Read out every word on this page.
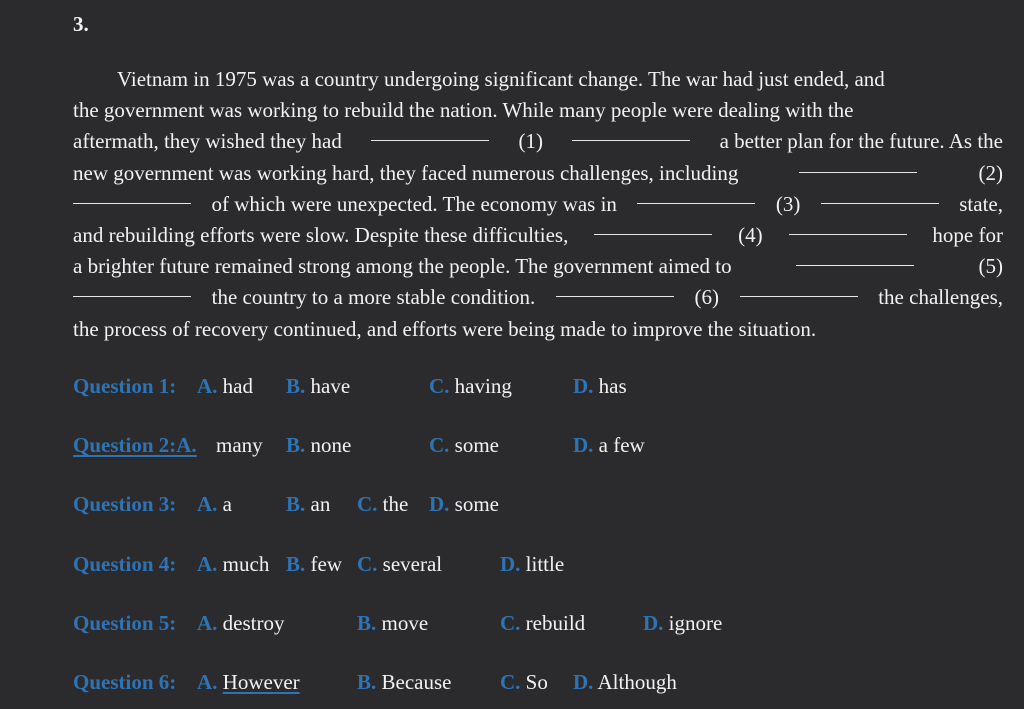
3.
Vietnam in 1975 was a country undergoing significant change. The war had just ended, and
the government was working to rebuild the nation. While many people were dealing with the
aftermath, they wished they had	(1)	a better plan for the future. As the
new government was working hard, they faced numerous challenges, including	(2)
of which were unexpected. The economy was in	(3)	state,
and rebuilding efforts were slow. Despite these difficulties,	(4)	hope for
a brighter future remained strong among the people. The government aimed to	(5)
the country to a more stable condition.	(6)	the challenges,
the process of recovery continued, and efforts were being made to improve the situation.
Question 1: A. had B. have	C. having	D. has
Question 2:A. many B. none	C. some	D. a few
Question 3: A. a	B. an C. the D. some
Question 4: A. much B. few C. several	D. little
Question 5: A. destroy	B. move	C. rebuild	D. ignore
Question 6: A. However	B. Because C. So D. Although
